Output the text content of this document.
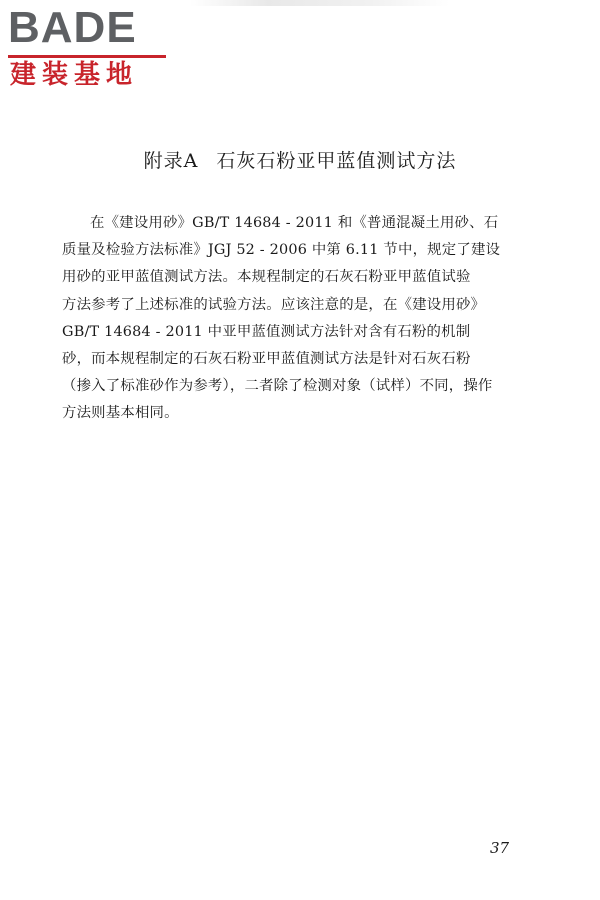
BADE
建装基地
附录A 石灰石粉亚甲蓝值测试方法
在《建设用砂》GB/T 14684 - 2011 和《普通混凝土用砂、石
质量及检验方法标准》JGJ 52 - 2006 中第 6.11 节中，规定了建设
用砂的亚甲蓝值测试方法。本规程制定的石灰石粉亚甲蓝值试验
方法参考了上述标准的试验方法。应该注意的是，在《建设用砂》
GB/T 14684 - 2011 中亚甲蓝值测试方法针对含有石粉的机制
砂，而本规程制定的石灰石粉亚甲蓝值测试方法是针对石灰石粉
（掺入了标准砂作为参考），二者除了检测对象（试样）不同，操作
方法则基本相同。
37
